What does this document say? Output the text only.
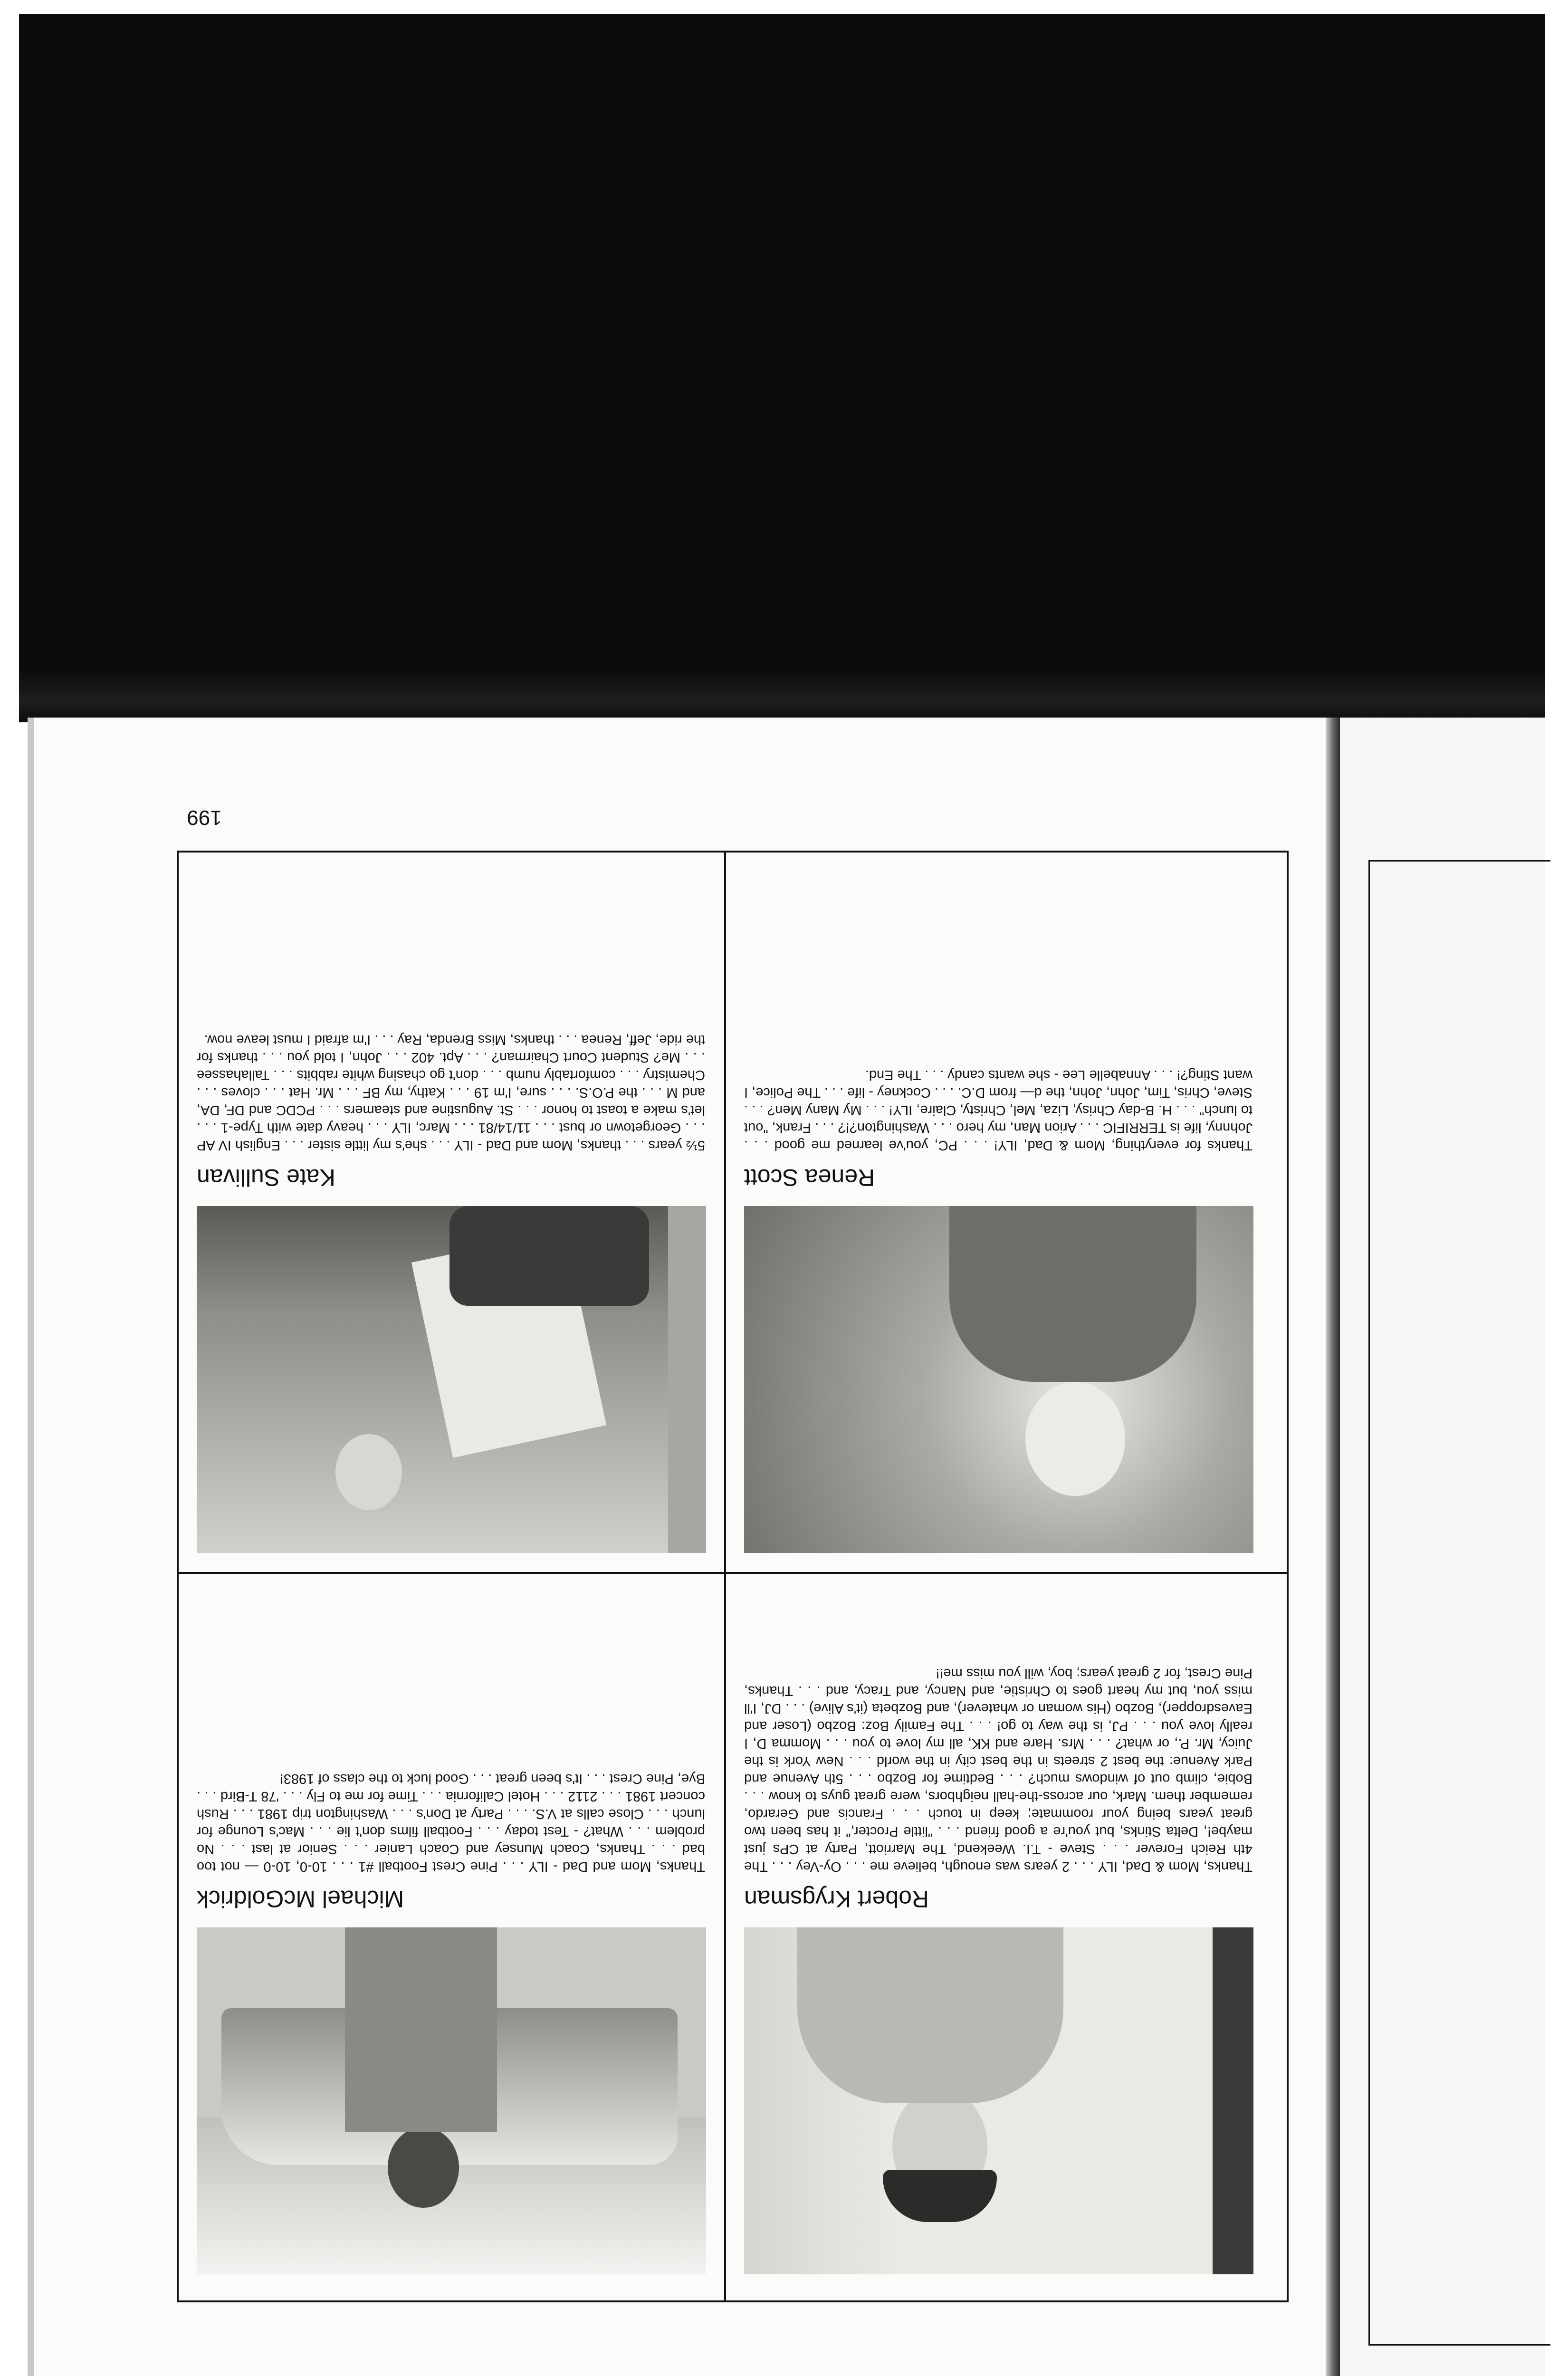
199
Kate Sullivan
5½ years . . . thanks, Mom and Dad - ILY . . . she's my little sister . . . English IV AP . . . Georgetown or bust . . . 11/14/81 . . . Marc, ILY . . . heavy date with Type-1 . . . let's make a toast to honor . . . St. Augustine and steamers . . . PCDC and DF, DA, and M . . . the P.O.S. . . . sure, I'm 19 . . . Kathy, my BF . . . Mr. Hat . . . cloves . . . Chemistry . . . comfortably numb . . . don't go chasing white rabbits . . . Tallahassee . . . Me? Student Court Chairman? . . . Apt. 402 . . . John, I told you . . . thanks for the ride, Jeff, Renea . . . thanks, Miss Brenda, Ray . . . I'm afraid I must leave now.
Renea Scott
Thanks for everything, Mom & Dad, ILY! . . . PC, you've learned me good . . . Johnny, life is TERRIFIC . . . Arion Man, my hero . . . Washington?!? . . . Frank, "out to lunch" . . . H. B-day Chrisy, Liza, Mel, Christy, Claire, ILY! . . . My Many Men? . . . Steve, Chris, Tim, John, John, the d— from D.C. . . . Cockney - life . . . The Police, I want Sting?! . . . Annabelle Lee - she wants candy . . . The End.
Michael McGoldrick
Thanks, Mom and Dad - ILY . . . Pine Crest Football #1 . . . 10-0, 10-0 — not too bad . . . Thanks, Coach Munsey and Coach Lanier . . . Senior at last . . . No problem . . . What? - Test today . . . Football films don't lie . . . Mac's Lounge for lunch . . . Close calls at V.S. . . . Party at Don's . . . Washington trip 1981 . . . Rush concert 1981 . . . 2112 . . . Hotel California . . . Time for me to Fly . . . '78 T-Bird . . . Bye, Pine Crest . . . It's been great . . . Good luck to the class of 1983!
Robert Krygsman
Thanks, Mom & Dad, ILY . . . 2 years was enough, believe me . . . Oy-Vey . . . The 4th Reich Forever . . . Steve - T.I. Weekend, The Marriott, Party at CPs just maybe!, Delta Stinks, but you're a good friend . . . "little Procter," it has been two great years being your roommate; keep in touch . . . Francis and Gerardo, remember them. Mark, our across-the-hall neighbors, were great guys to know . . . Bobie, climb out of windows much? . . . Bedtime for Bozbo . . . 5th Avenue and Park Avenue: the best 2 streets in the best city in the world . . . New York is the Juicy, Mr. P., or what? . . . Mrs. Hare and KK, all my love to you . . . Momma D, I really love you . . . PJ, is the way to go! . . . The Family Boz: Bozbo (Loser and Eavesdropper), Bozbo (His woman or whatever), and Bozbeta (it's Alive) . . . DJ, I'll miss you, but my heart goes to Christie, and Nancy, and Tracy, and . . . Thanks, Pine Crest, for 2 great years; boy, will you miss me!!
